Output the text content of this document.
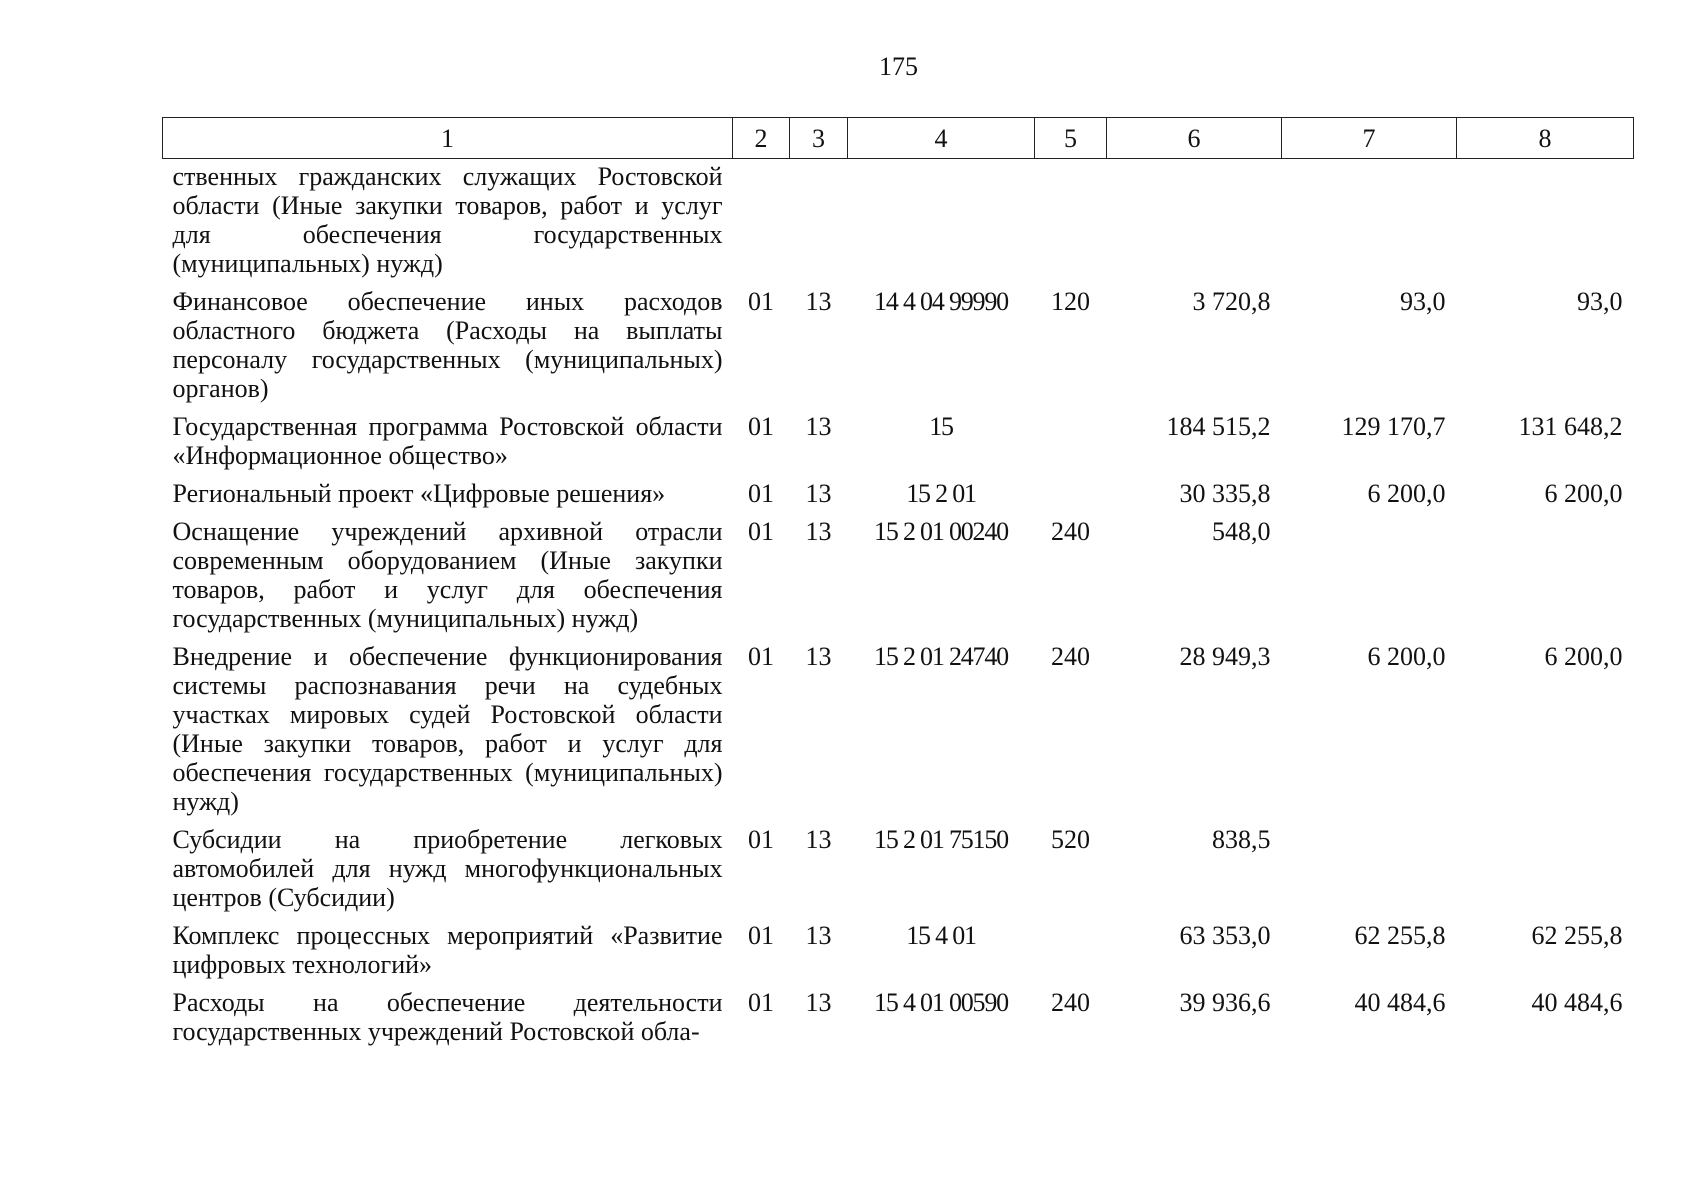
175
1	2	3	4	5	6	7	8
ственных гражданских служащих Ростовской области (Иные закупки товаров, работ и услуг для обеспечения государственных (муниципальных) нужд)							
Финансовое обеспечение иных расходов областного бюджета (Расходы на выплаты персоналу государственных (муниципальных) органов)	01	13	14 4 04 99990	120	3 720,8	93,0	93,0
Государственная программа Ростовской области «Информационное общество»	01	13	15		184 515,2	129 170,7	131 648,2
Региональный проект «Цифровые решения»	01	13	15 2 01		30 335,8	6 200,0	6 200,0
Оснащение учреждений архивной отрасли современным оборудованием (Иные закупки товаров, работ и услуг для обеспечения государственных (муниципальных) нужд)	01	13	15 2 01 00240	240	548,0		
Внедрение и обеспечение функционирования системы распознавания речи на судебных участках мировых судей Ростовской области (Иные закупки товаров, работ и услуг для обеспечения государственных (муниципальных) нужд)	01	13	15 2 01 24740	240	28 949,3	6 200,0	6 200,0
Субсидии на приобретение легковых автомобилей для нужд многофункциональных центров (Субсидии)	01	13	15 2 01 75150	520	838,5		
Комплекс процессных мероприятий «Развитие цифровых технологий»	01	13	15 4 01		63 353,0	62 255,8	62 255,8
Расходы на обеспечение деятельности государственных учреждений Ростовской обла-	01	13	15 4 01 00590	240	39 936,6	40 484,6	40 484,6
